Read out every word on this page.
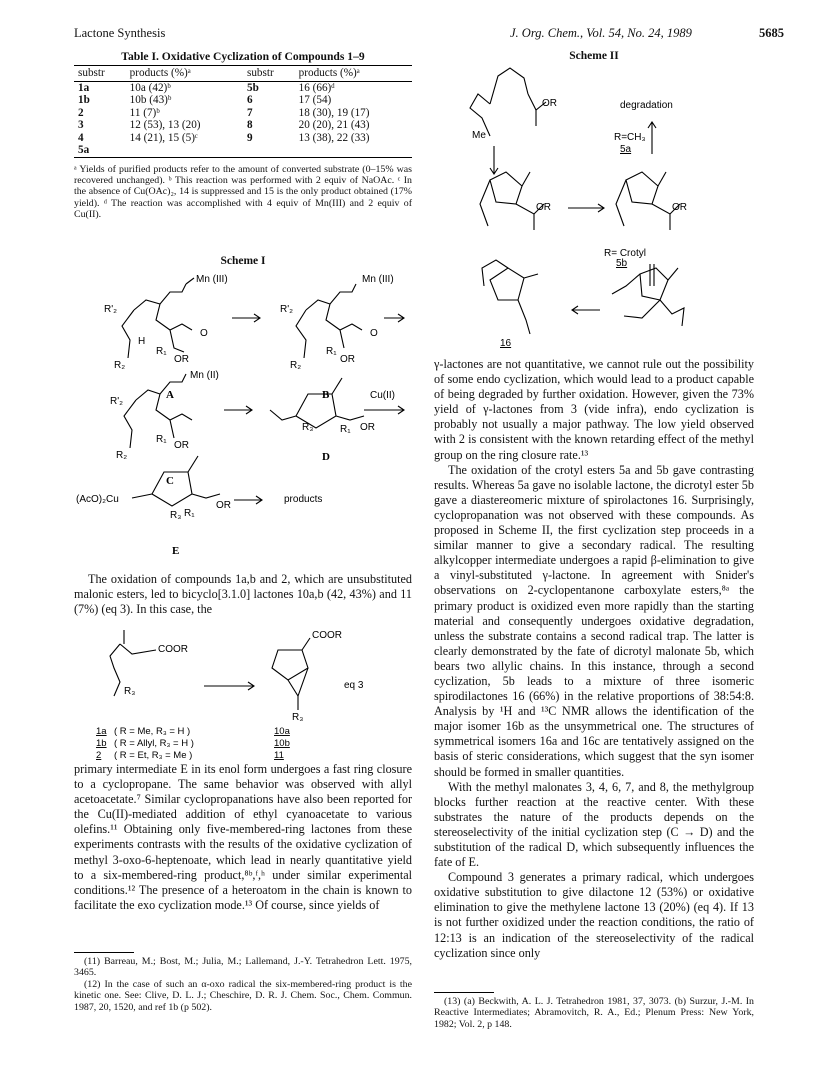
Lactone Synthesis	J. Org. Chem., Vol. 54, No. 24, 1989	5685
Table I. Oxidative Cyclization of Compounds 1–9
substr	products (%)ᵃ	substr	products (%)ᵃ
1a	10a (42)ᵇ	5b	16 (66)ᵈ
1b	10b (43)ᵇ	6	17 (54)
2	11 (7)ᵇ	7	18 (30), 19 (17)
3	12 (53), 13 (20)	8	20 (20), 21 (43)
4	14 (21), 15 (5)ᶜ	9	13 (38), 22 (33)
5a			
ᵃ Yields of purified products refer to the amount of converted substrate (0–15% was recovered unchanged). ᵇ This reaction was performed with 2 equiv of NaOAc. ᶜ In the absence of Cu(OAc)₂, 14 is suppressed and 15 is the only product obtained (17% yield). ᵈ The reaction was accomplished with 4 equiv of Mn(III) and 2 equiv of Cu(II).
Scheme I
Mn (III)	Mn (III)
Mn (II)
Cu(II)
(AcO)₂Cu	products
R'₂	R'₂
R'₂
R₂	R₂
R₂
OR	OR
OR
OR
OR
R₁	R₁
R₁
R₁
R₁
H
R₃
R₃
O	O
A	B
C
D
E

The oxidation of compounds 1a,b and 2, which are unsubstituted malonic esters, led to bicyclo[3.1.0] lactones 10a,b (42, 43%) and 11 (7%) (eq 3). In this case, the

COOR
COOR
eq 3
R₃
R₃
1a ( R = Me, R₃ = H )	10a
1b ( R = Allyl, R₃ = H )	10b
2 ( R = Et, R₃ = Me )	11

primary intermediate E in its enol form undergoes a fast ring closure to a cyclopropane. The same behavior was observed with allyl acetoacetate.⁷ Similar cyclopropanations have also been reported for the Cu(II)-mediated addition of ethyl cyanoacetate to various olefins.¹¹ Obtaining only five-membered-ring lactones from these experiments contrasts with the results of the oxidative cyclization of methyl 3-oxo-6-heptenoate, which lead in nearly quantitative yield to a six-membered-ring product,⁸ᵇ,ᶠ,ʰ under similar experimental conditions.¹² The presence of a heteroatom in the chain is known to facilitate the exo cyclization mode.¹³ Of course, since yields of

(11) Barreau, M.; Bost, M.; Julia, M.; Lallemand, J.-Y. Tetrahedron Lett. 1975, 3465.

(12) In the case of such an α-oxo radical the six-membered-ring product is the kinetic one. See: Clive, D. L. J.; Cheschire, D. R. J. Chem. Soc., Chem. Commun. 1987, 20, 1520, and ref 1b (p 502).

Scheme II
OR
OR	OR
Me
degradation
R=CH₃
5a
R= Crotyl
5b
16

γ-lactones are not quantitative, we cannot rule out the possibility of some endo cyclization, which would lead to a product capable of being degraded by further oxidation. However, given the 73% yield of γ-lactones from 3 (vide infra), endo cyclization is probably not usually a major pathway. The low yield observed with 2 is consistent with the known retarding effect of the methyl group on the ring closure rate.¹³

The oxidation of the crotyl esters 5a and 5b gave contrasting results. Whereas 5a gave no isolable lactone, the dicrotyl ester 5b gave a diastereomeric mixture of spirolactones 16. Surprisingly, cyclopropanation was not observed with these compounds. As proposed in Scheme II, the first cyclization step proceeds in a similar manner to give a secondary radical. The resulting alkylcopper intermediate undergoes a rapid β-elimination to give a vinyl-substituted γ-lactone. In agreement with Snider's observations on 2-cyclopentanone carboxylate esters,⁸ᵃ the primary product is oxidized even more rapidly than the starting material and consequently undergoes oxidative degradation, unless the substrate contains a second radical trap. The latter is clearly demonstrated by the fate of dicrotyl malonate 5b, which bears two allylic chains. In this instance, through a second cyclization, 5b leads to a mixture of three isomeric spirodilactones 16 (66%) in the relative proportions of 38:54:8. Analysis by ¹H and ¹³C NMR allows the identification of the major isomer 16b as the unsymmetrical one. The structures of symmetrical isomers 16a and 16c are tentatively assigned on the basis of steric considerations, which suggest that the syn isomer should be formed in smaller quantities.

With the methyl malonates 3, 4, 6, 7, and 8, the methylgroup blocks further reaction at the reactive center. With these substrates the nature of the products depends on the stereoselectivity of the initial cyclization step (C → D) and the substitution of the radical D, which subsequently influences the fate of E.

Compound 3 generates a primary radical, which undergoes oxidative substitution to give dilactone 12 (53%) or oxidative elimination to give the methylene lactone 13 (20%) (eq 4). If 13 is not further oxidized under the reaction conditions, the ratio of 12:13 is an indication of the stereoselectivity of the radical cyclization since only

(13) (a) Beckwith, A. L. J. Tetrahedron 1981, 37, 3073. (b) Surzur, J.-M. In Reactive Intermediates; Abramovitch, R. A., Ed.; Plenum Press: New York, 1982; Vol. 2, p 148.
